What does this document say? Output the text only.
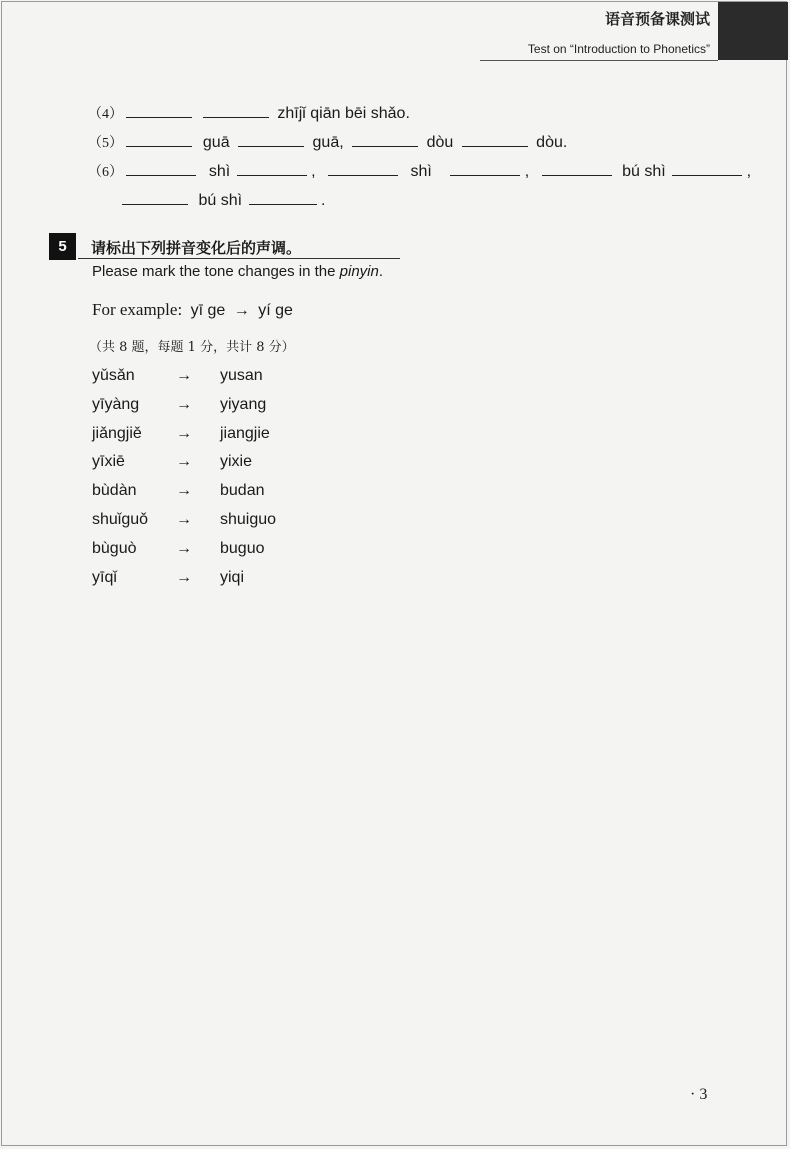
语音预备课测试
Test on “Introduction to Phonetics”
（4）	zhījǐ qiān bēi shǎo.
（5）	guā	guā,	dòu	dòu.
（6）	shì	,	shì	,	bú shì	,
bú shì	.
5	请标出下列拼音变化后的声调。
Please mark the tone changes in the pinyin.
For example: yī ge → yí ge
（共 8 题，每题 1 分，共计 8 分）
yǔsǎn	→ yusan
yīyàng → yiyang
jiǎngjiě → jiangjie
yīxiē	→ yixie
bùdàn → budan
shuǐguǒ → shuiguo
bùguò → buguo
yīqǐ	→ yiqi
· 3
